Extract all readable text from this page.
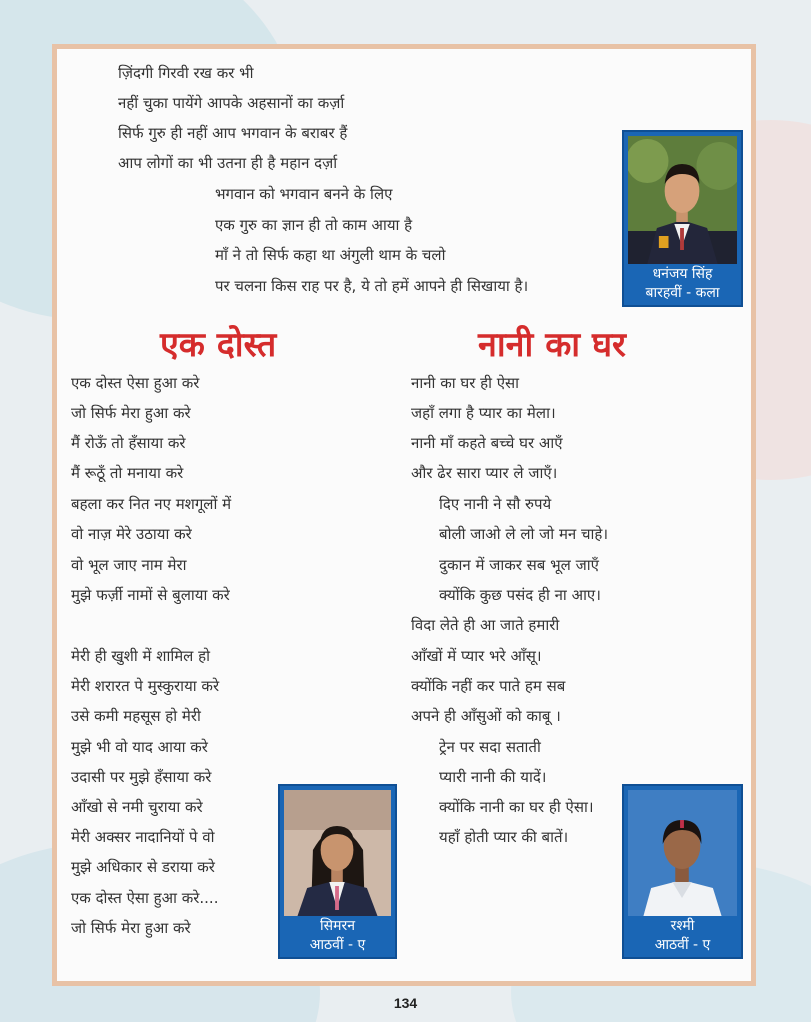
ज़िंदगी गिरवी रख कर भी
नहीं चुका पायेंगे आपके अहसानों का कर्ज़ा
सिर्फ गुरु ही नहीं आप भगवान के बराबर हैं
आप लोगों का भी उतना ही है महान दर्ज़ा
भगवान को भगवान बनने के लिए
एक गुरु का ज्ञान ही तो काम आया है
माँ ने तो सिर्फ कहा था अंगुली थाम के चलो
पर चलना किस राह पर है, ये तो हमें आपने ही सिखाया है।
धनंजय सिंह
बारहवीं - कला
एक दोस्त	नानी का घर
एक दोस्त ऐसा हुआ करे
जो सिर्फ मेरा हुआ करे
मैं रोऊँ तो हँसाया करे
मैं रूठूँ तो मनाया करे
बहला कर नित नए मशगूलों में
वो नाज़ मेरे उठाया करे
वो भूल जाए नाम मेरा
मुझे फर्ज़ी नामों से बुलाया करे
मेरी ही खुशी में शामिल हो
मेरी शरारत पे मुस्कुराया करे
उसे कमी महसूस हो मेरी
मुझे भी वो याद आया करे
उदासी पर मुझे हँसाया करे
आँखो से नमी चुराया करे
मेरी अक्सर नादानियों पे वो
मुझे अधिकार से डराया करे
एक दोस्त ऐसा हुआ करे....
जो सिर्फ मेरा हुआ करे	सिमरन
आठवीं - ए
नानी का घर ही ऐसा
जहाँ लगा है प्यार का मेला।
नानी माँ कहते बच्चे घर आएँ
और ढेर सारा प्यार ले जाएँ।
दिए नानी ने सौ रुपये
बोली जाओ ले लो जो मन चाहे।
दुकान में जाकर सब भूल जाएँ
क्योंकि कुछ पसंद ही ना आए।
विदा लेते ही आ जाते हमारी
आँखों में प्यार भरे आँसू।
क्योंकि नहीं कर पाते हम सब
अपने ही आँसुओं को काबू ।
ट्रेन पर सदा सताती
प्यारी नानी की यादें।
क्योंकि नानी का घर ही ऐसा।
यहाँ होती प्यार की बातें।
रश्मी
आठवीं - ए
134
